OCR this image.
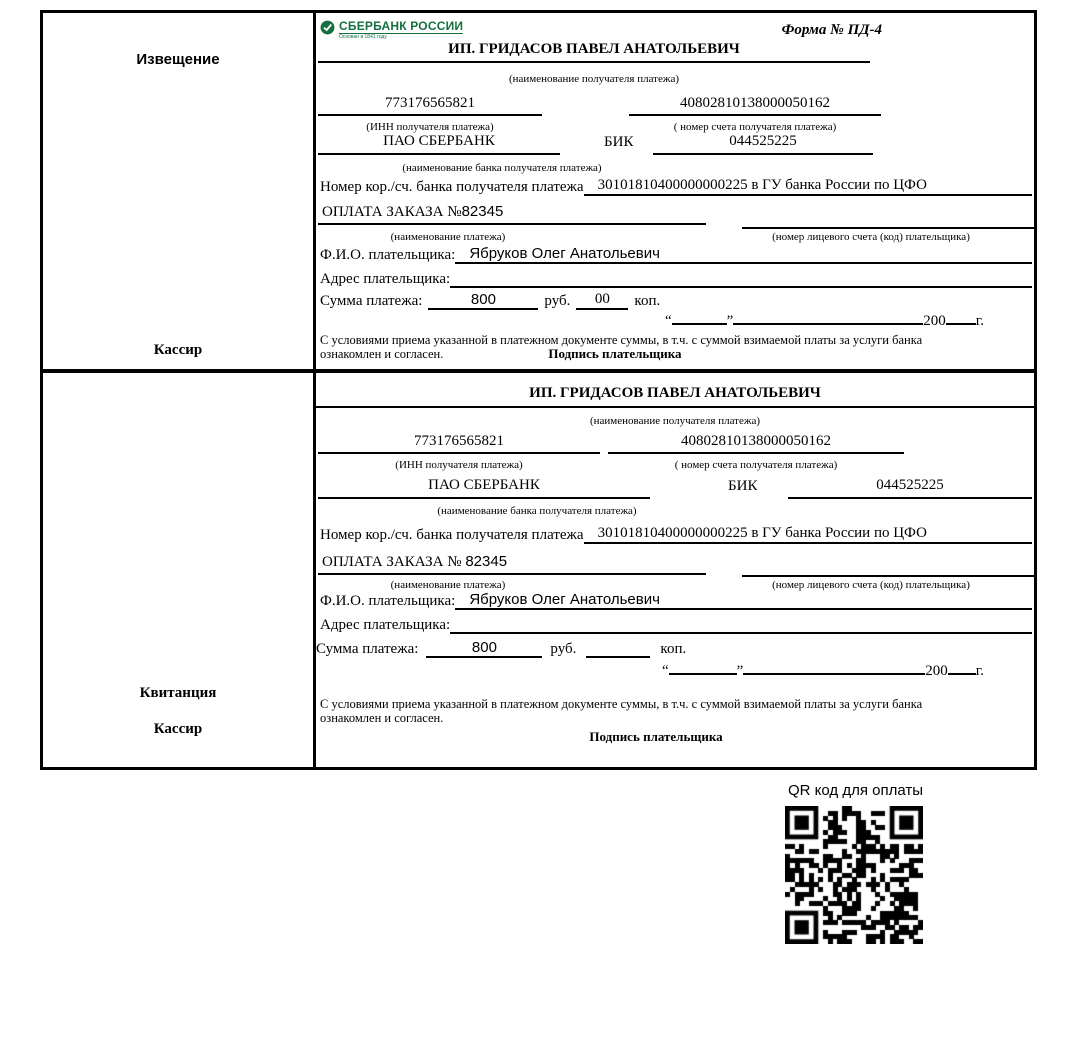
Извещение
Кассир
СБЕРБАНК РОССИИ
Основан в 1841 году	Форма № ПД-4
ИП. ГРИДАСОВ ПАВЕЛ АНАТОЛЬЕВИЧ
(наименование получателя платежа)
773176565821	40802810138000050162
(ИНН получателя платежа)	( номер счета получателя платежа)
ПАО СБЕРБАНК	БИК	044525225
(наименование банка получателя платежа)
Номер кор./сч. банка получателя платежа 30101810400000000225 в ГУ банка России по ЦФО
ОПЛАТА ЗАКАЗА №82345
(наименование платежа)	(номер лицевого счета (код) плательщика)
Ф.И.О. плательщика: Ябруков Олег Анатольевич
Адрес плательщика:
Сумма платежа:	800	руб.	00	коп.
“	”	200 г.
С условиями приема указанной в платежном документе суммы, в т.ч. с суммой взимаемой платы за услуги банка
ознакомлен и согласен.	Подпись плательщика
Квитанция
Кассир
ИП. ГРИДАСОВ ПАВЕЛ АНАТОЛЬЕВИЧ
(наименование получателя платежа)
773176565821	40802810138000050162
(ИНН получателя платежа)	( номер счета получателя платежа)
ПАО СБЕРБАНК	БИК	044525225
(наименование банка получателя платежа)
Номер кор./сч. банка получателя платежа 30101810400000000225 в ГУ банка России по ЦФО
ОПЛАТА ЗАКАЗА № 82345
(наименование платежа)	(номер лицевого счета (код) плательщика)
Ф.И.О. плательщика: Ябруков Олег Анатольевич
Адрес плательщика:
Сумма платежа:	800	руб.	коп.
“	”	200 г.
С условиями приема указанной в платежном документе суммы, в т.ч. с суммой взимаемой платы за услуги банка
ознакомлен и согласен.
Подпись плательщика
QR код для оплаты
